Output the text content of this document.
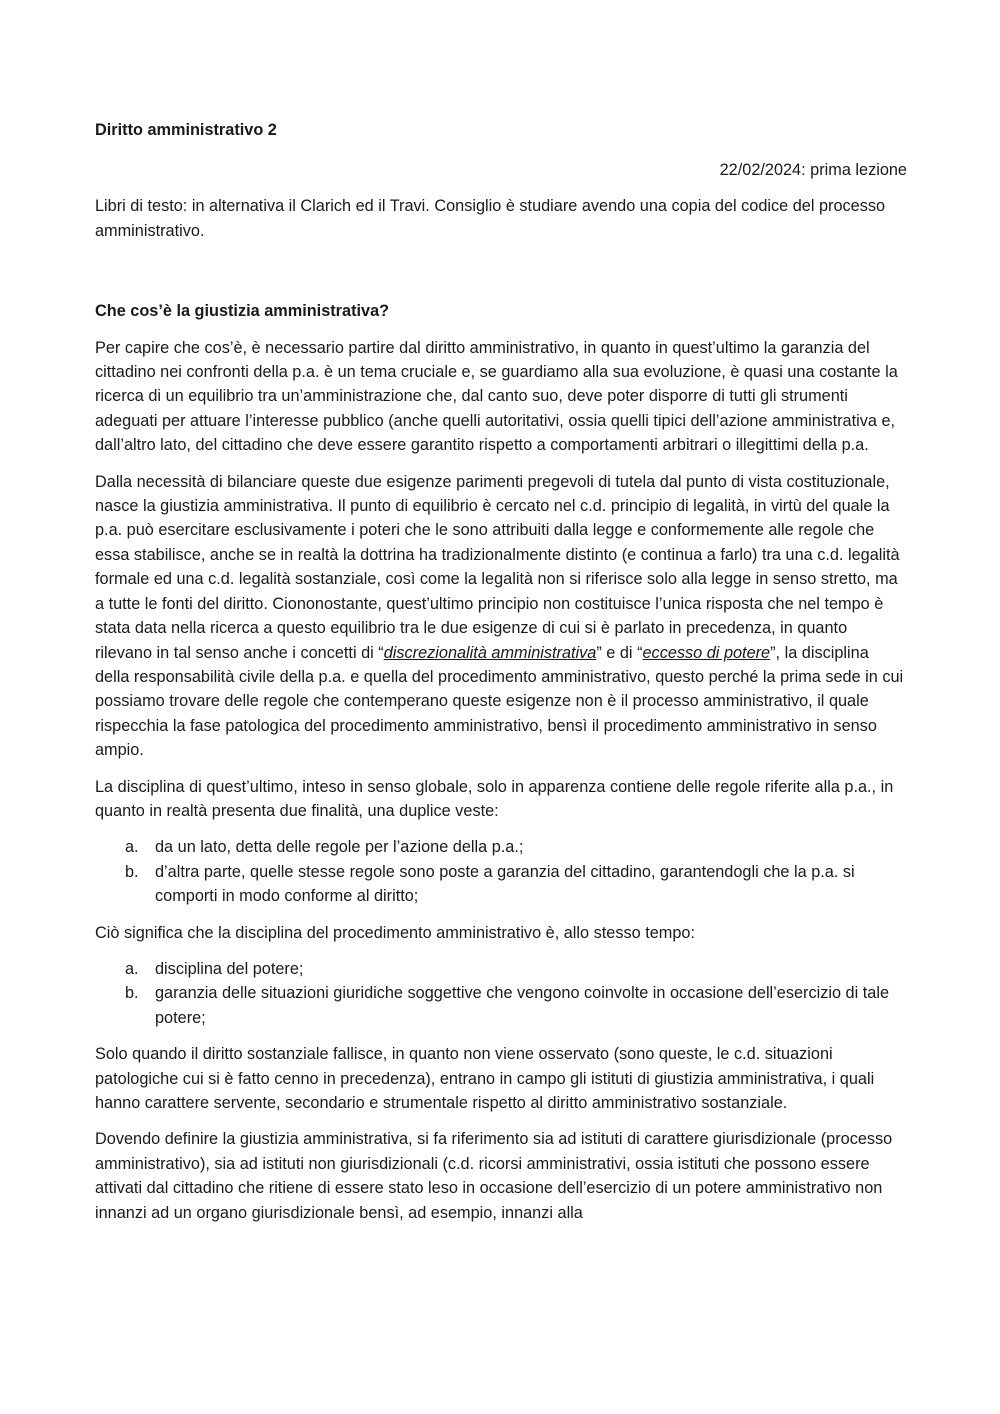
Diritto amministrativo 2

22/02/2024: prima lezione

Libri di testo: in alternativa il Clarich ed il Travi. Consiglio è studiare avendo una copia del codice del processo amministrativo.

Che cos’è la giustizia amministrativa?

Per capire che cos’è, è necessario partire dal diritto amministrativo, in quanto in quest’ultimo la garanzia del cittadino nei confronti della p.a. è un tema cruciale e, se guardiamo alla sua evoluzione, è quasi una costante la ricerca di un equilibrio tra un’amministrazione che, dal canto suo, deve poter disporre di tutti gli strumenti adeguati per attuare l’interesse pubblico (anche quelli autoritativi, ossia quelli tipici dell’azione amministrativa e, dall’altro lato, del cittadino che deve essere garantito rispetto a comportamenti arbitrari o illegittimi della p.a.

Dalla necessità di bilanciare queste due esigenze parimenti pregevoli di tutela dal punto di vista costituzionale, nasce la giustizia amministrativa. Il punto di equilibrio è cercato nel c.d. principio di legalità, in virtù del quale la p.a. può esercitare esclusivamente i poteri che le sono attribuiti dalla legge e conformemente alle regole che essa stabilisce, anche se in realtà la dottrina ha tradizionalmente distinto (e continua a farlo) tra una c.d. legalità formale ed una c.d. legalità sostanziale, così come la legalità non si riferisce solo alla legge in senso stretto, ma a tutte le fonti del diritto. Ciononostante, quest’ultimo principio non costituisce l’unica risposta che nel tempo è stata data nella ricerca a questo equilibrio tra le due esigenze di cui si è parlato in precedenza, in quanto rilevano in tal senso anche i concetti di “discrezionalità amministrativa” e di “eccesso di potere”, la disciplina della responsabilità civile della p.a. e quella del procedimento amministrativo, questo perché la prima sede in cui possiamo trovare delle regole che contemperano queste esigenze non è il processo amministrativo, il quale rispecchia la fase patologica del procedimento amministrativo, bensì il procedimento amministrativo in senso ampio.

La disciplina di quest’ultimo, inteso in senso globale, solo in apparenza contiene delle regole riferite alla p.a., in quanto in realtà presenta due finalità, una duplice veste:

a. da un lato, detta delle regole per l’azione della p.a.;
b. d’altra parte, quelle stesse regole sono poste a garanzia del cittadino, garantendogli che la p.a. si comporti in modo conforme al diritto;

Ciò significa che la disciplina del procedimento amministrativo è, allo stesso tempo:

a. disciplina del potere;
b. garanzia delle situazioni giuridiche soggettive che vengono coinvolte in occasione dell’esercizio di tale potere;

Solo quando il diritto sostanziale fallisce, in quanto non viene osservato (sono queste, le c.d. situazioni patologiche cui si è fatto cenno in precedenza), entrano in campo gli istituti di giustizia amministrativa, i quali hanno carattere servente, secondario e strumentale rispetto al diritto amministrativo sostanziale.

Dovendo definire la giustizia amministrativa, si fa riferimento sia ad istituti di carattere giurisdizionale (processo amministrativo), sia ad istituti non giurisdizionali (c.d. ricorsi amministrativi, ossia istituti che possono essere attivati dal cittadino che ritiene di essere stato leso in occasione dell’esercizio di un potere amministrativo non innanzi ad un organo giurisdizionale bensì, ad esempio, innanzi alla
